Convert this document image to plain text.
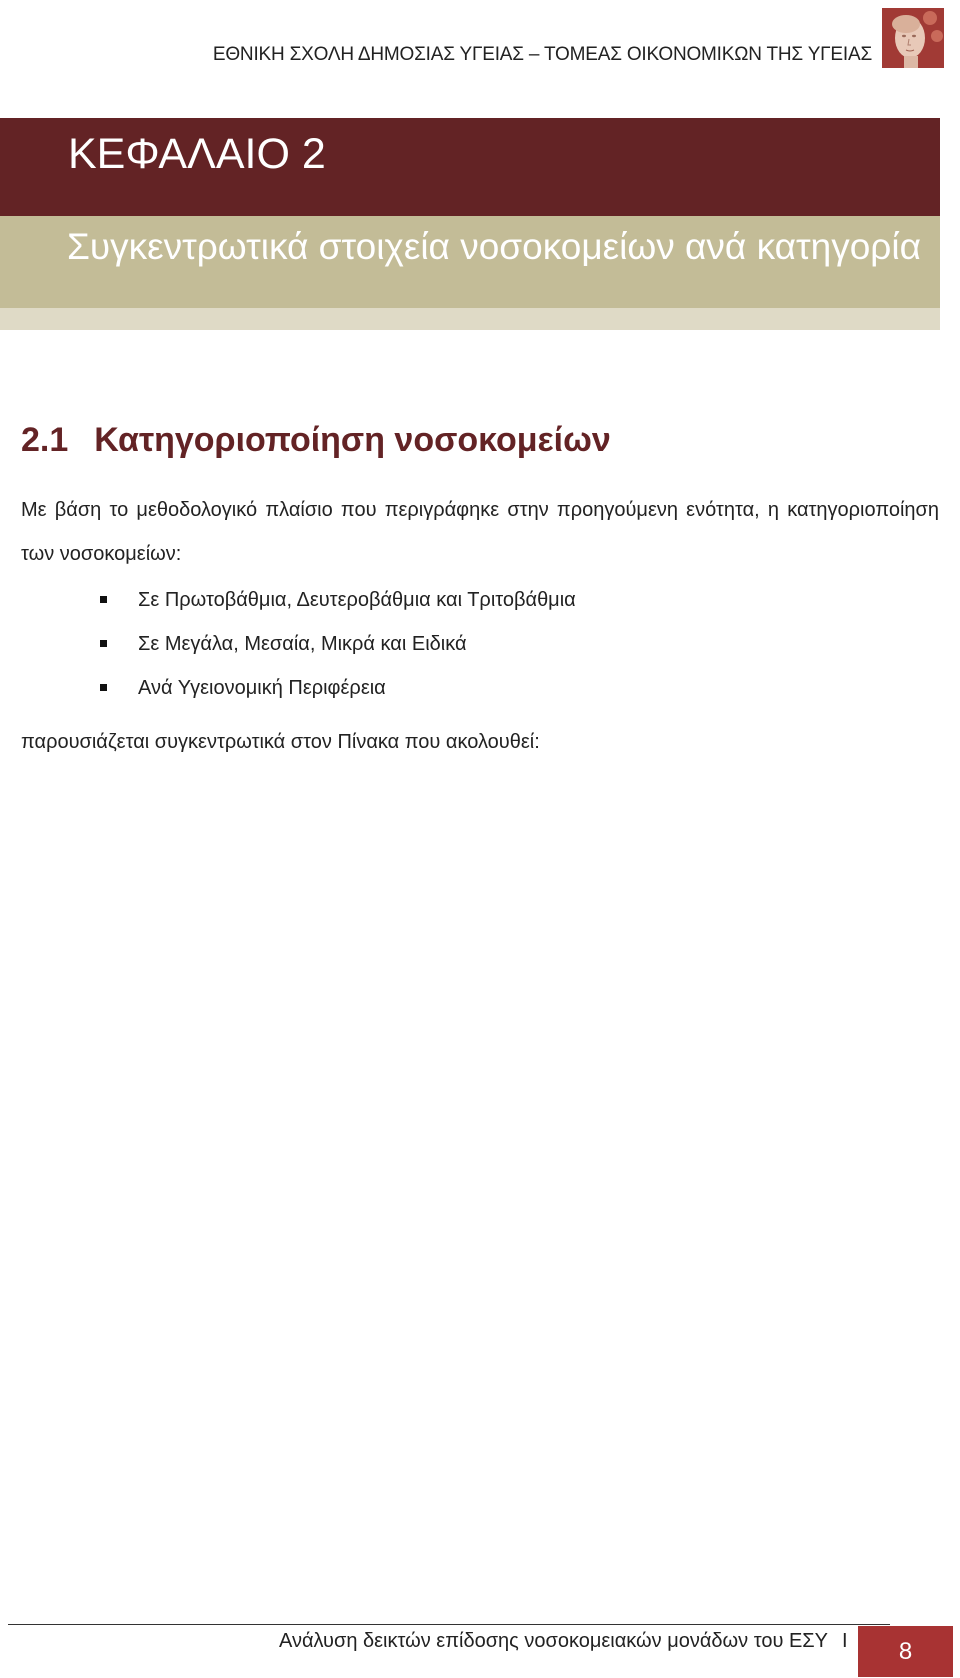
ΕΘΝΙΚΗ ΣΧΟΛΗ ΔΗΜΟΣΙΑΣ ΥΓΕΙΑΣ – ΤΟΜΕΑΣ ΟΙΚΟΝΟΜΙΚΩΝ ΤΗΣ ΥΓΕΙΑΣ
ΚΕΦΑΛΑΙΟ 2
Συγκεντρωτικά στοιχεία νοσοκομείων ανά κατηγορία
2.1 Κατηγοριοποίηση νοσοκομείων
Με βάση το μεθοδολογικό πλαίσιο που περιγράφηκε στην προηγούμενη ενότητα, η κατηγοριοποίηση των νοσοκομείων:
Σε Πρωτοβάθμια, Δευτεροβάθμια και Τριτοβάθμια
Σε Μεγάλα, Μεσαία, Μικρά και Ειδικά
Ανά Υγειονομική Περιφέρεια
παρουσιάζεται συγκεντρωτικά στον Πίνακα που ακολουθεί:
Ανάλυση δεικτών επίδοσης νοσοκομειακών μονάδων του ΕΣΥ I	8
